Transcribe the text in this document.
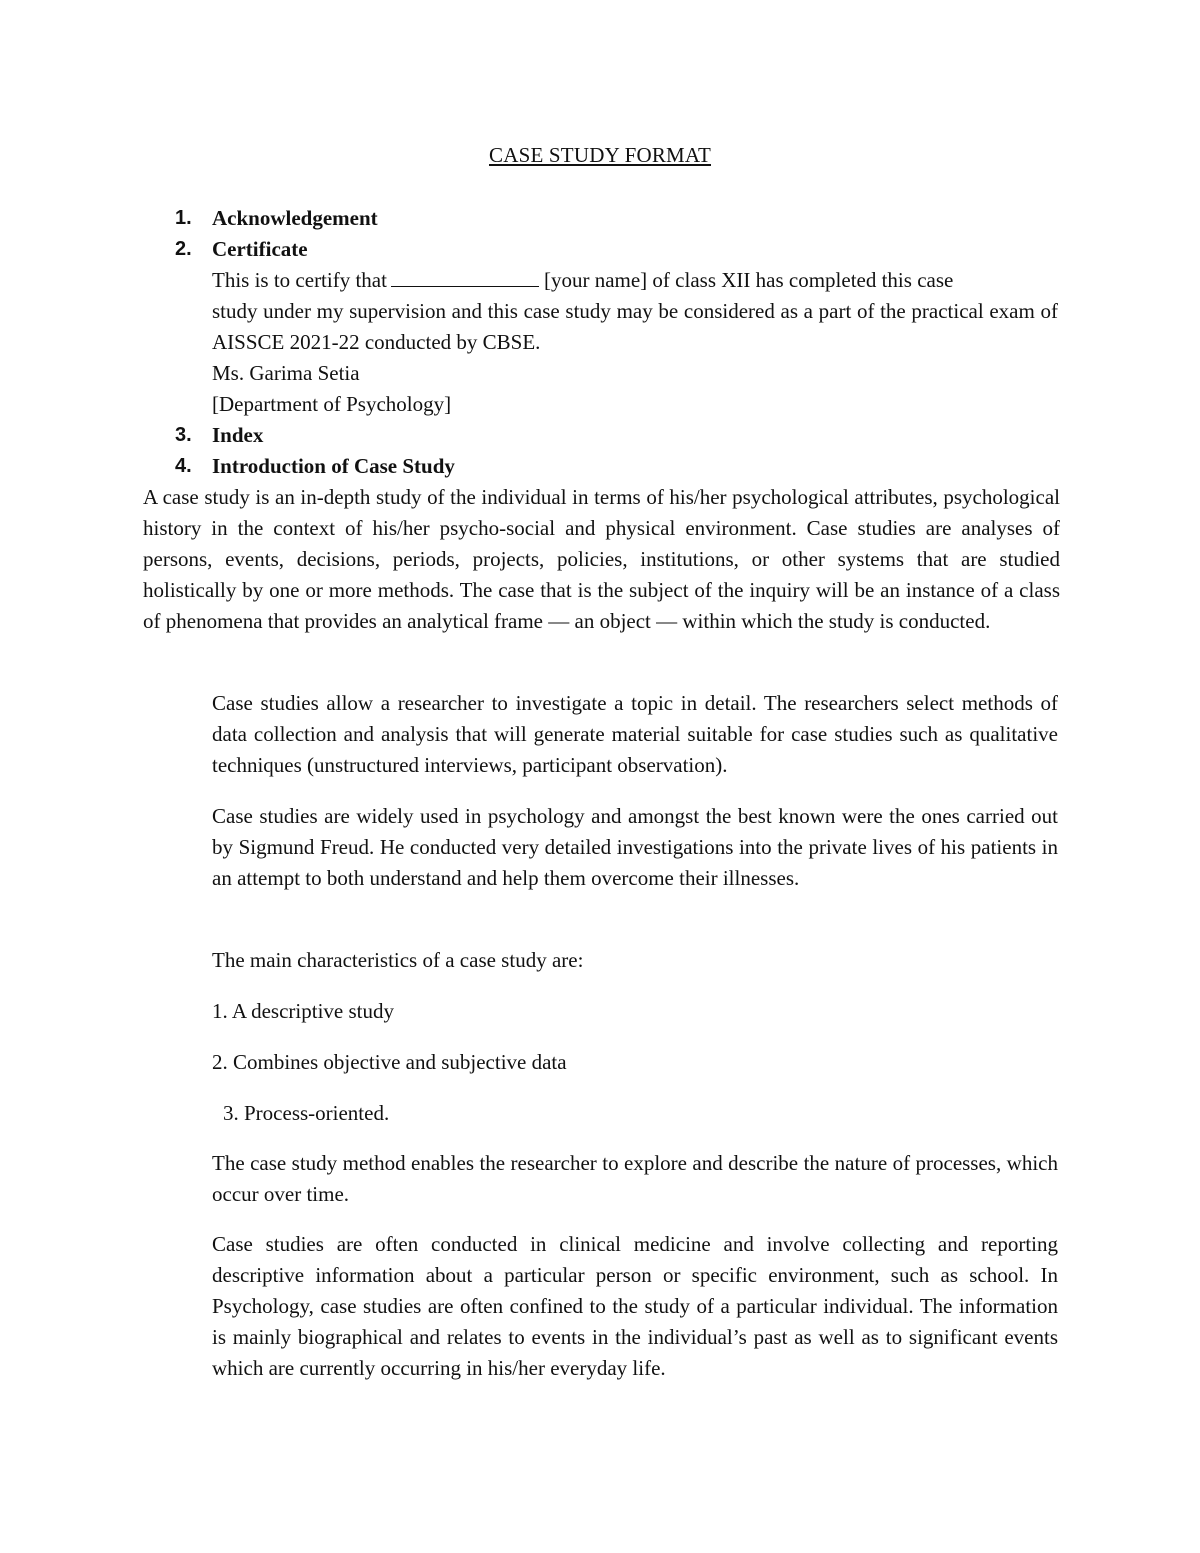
CASE STUDY FORMAT
1. Acknowledgement
2. Certificate
This is to certify that	[your name] of class XII has completed this case
study under my supervision and this case study may be considered as a part of the practical exam of AISSCE 2021-22 conducted by CBSE.
Ms. Garima Setia
[Department of Psychology]
3. Index
4. Introduction of Case Study
A case study is an in-depth study of the individual in terms of his/her psychological attributes, psychological history in the context of his/her psycho-social and physical environment. Case studies are analyses of persons, events, decisions, periods, projects, policies, institutions, or other systems that are studied holistically by one or more methods. The case that is the subject of the inquiry will be an instance of a class of phenomena that provides an analytical frame — an object — within which the study is conducted.
Case studies allow a researcher to investigate a topic in detail. The researchers select methods of data collection and analysis that will generate material suitable for case studies such as qualitative techniques (unstructured interviews, participant observation).
Case studies are widely used in psychology and amongst the best known were the ones carried out by Sigmund Freud. He conducted very detailed investigations into the private lives of his patients in an attempt to both understand and help them overcome their illnesses.
The main characteristics of a case study are:
1. A descriptive study
2. Combines objective and subjective data
3. Process-oriented.
The case study method enables the researcher to explore and describe the nature of processes, which occur over time.
Case studies are often conducted in clinical medicine and involve collecting and reporting descriptive information about a particular person or specific environment, such as school. In Psychology, case studies are often confined to the study of a particular individual. The information is mainly biographical and relates to events in the individual’s past as well as to significant events which are currently occurring in his/her everyday life.
